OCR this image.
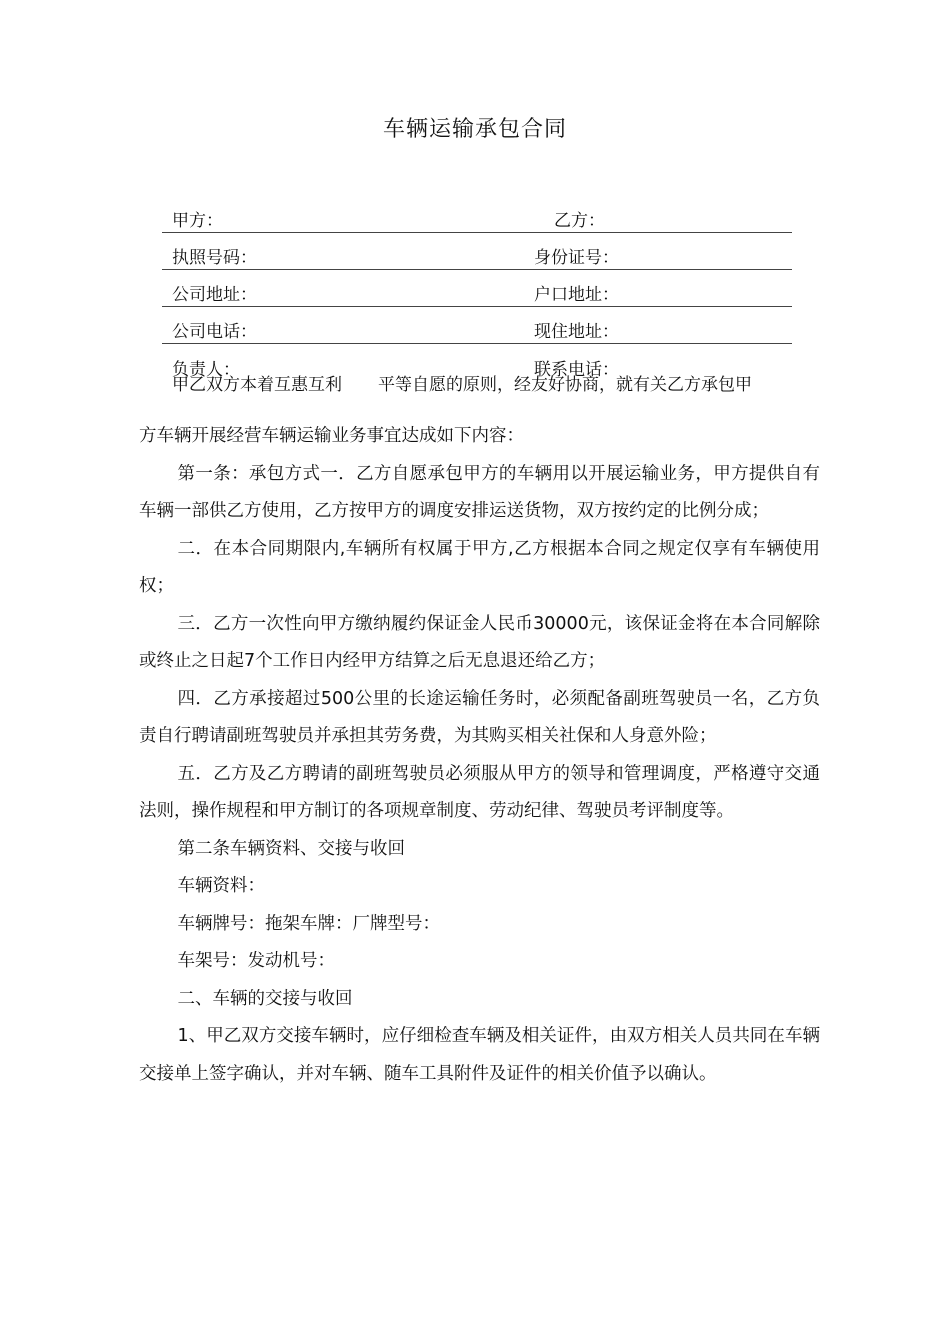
车辆运输承包合同
甲方：	乙方：
执照号码：	身份证号：
公司地址：	户口地址：
公司电话：	现住地址：
负责人：	联系电话：
甲乙双方本着互惠互利	平等自愿的原则，经友好协商，就有关乙方承包甲

方车辆开展经营车辆运输业务事宜达成如下内容：

第一条：承包方式一．乙方自愿承包甲方的车辆用以开展运输业务，甲方提供自有车辆一部供乙方使用，乙方按甲方的调度安排运送货物，双方按约定的比例分成；

二．在本合同期限内,车辆所有权属于甲方,乙方根据本合同之规定仅享有车辆使用权；

三．乙方一次性向甲方缴纳履约保证金人民币30000元，该保证金将在本合同解除或终止之日起7个工作日内经甲方结算之后无息退还给乙方；

四．乙方承接超过500公里的长途运输任务时，必须配备副班驾驶员一名，乙方负责自行聘请副班驾驶员并承担其劳务费，为其购买相关社保和人身意外险；

五．乙方及乙方聘请的副班驾驶员必须服从甲方的领导和管理调度，严格遵守交通法则，操作规程和甲方制订的各项规章制度、劳动纪律、驾驶员考评制度等。

第二条车辆资料、交接与收回

车辆资料：

车辆牌号：拖架车牌：厂牌型号：

车架号：发动机号：

二、车辆的交接与收回

1、甲乙双方交接车辆时，应仔细检查车辆及相关证件，由双方相关人员共同在车辆交接单上签字确认，并对车辆、随车工具附件及证件的相关价值予以确认。
